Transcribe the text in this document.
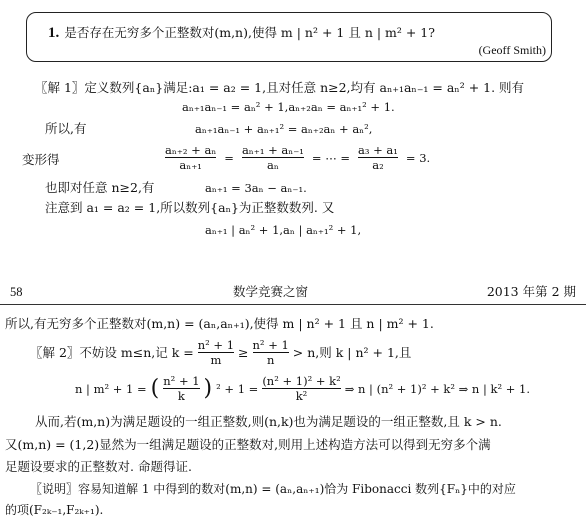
1. 是否存在无穷多个正整数对(m,n),使得 m | n² + 1 且 n | m² + 1?
(Geoff Smith)
〖解 1〗定义数列{aₙ}满足:a₁ = a₂ = 1,且对任意 n≥2,均有 aₙ₊₁aₙ₋₁ = aₙ² + 1. 则有
aₙ₊₁aₙ₋₁ = aₙ² + 1,aₙ₊₂aₙ = aₙ₊₁² + 1.
所以,有	aₙ₊₁aₙ₋₁ + aₙ₊₁² = aₙ₊₂aₙ + aₙ²,
变形得	$\frac{\text{aₙ₊₂ + aₙ}}{\text{aₙ₊₁}} = \frac{\text{aₙ₊₁ + aₙ₋₁}}{\text{aₙ}}$ = ⋯ = $\frac{\text{a₃ + a₁}}{\text{a₂}} = 3$.
也即对任意 n≥2,有	aₙ₊₁ = 3aₙ − aₙ₋₁.
注意到 a₁ = a₂ = 1,所以数列{aₙ}为正整数数列. 又
aₙ₊₁ | aₙ² + 1,aₙ | aₙ₊₁² + 1,
58	数学竞赛之窗	2013 年第 2 期
所以,有无穷多个正整数对(m,n) = (aₙ,aₙ₊₁),使得 m | n² + 1 且 n | m² + 1.
〖解 2〗不妨设 m≤n,记 $k = \frac{\text{n² + 1}}{m} \ge \frac{\text{n² + 1}}{n} > n$,则 k | n² + 1,且
n | m² + 1 = ( $\frac{\text{n² + 1}}{k}$ ) $^2 + 1 = \frac{\text{(n² + 1)² + k²}}{\text{k²}}$ ⇒ n | (n² + 1)² + k² ⇒ n | k² + 1.
从而,若(m,n)为满足题设的一组正整数,则(n,k)也为满足题设的一组正整数,且 k > n.
又(m,n) = (1,2)显然为一组满足题设的正整数对,则用上述构造方法可以得到无穷多个满
足题设要求的正整数对. 命题得证.
〖说明〗容易知道解 1 中得到的数对(m,n) = (aₙ,aₙ₊₁)恰为 Fibonacci 数列{Fₙ}中的对应
的项(F₂ₖ₋₁,F₂ₖ₊₁).
